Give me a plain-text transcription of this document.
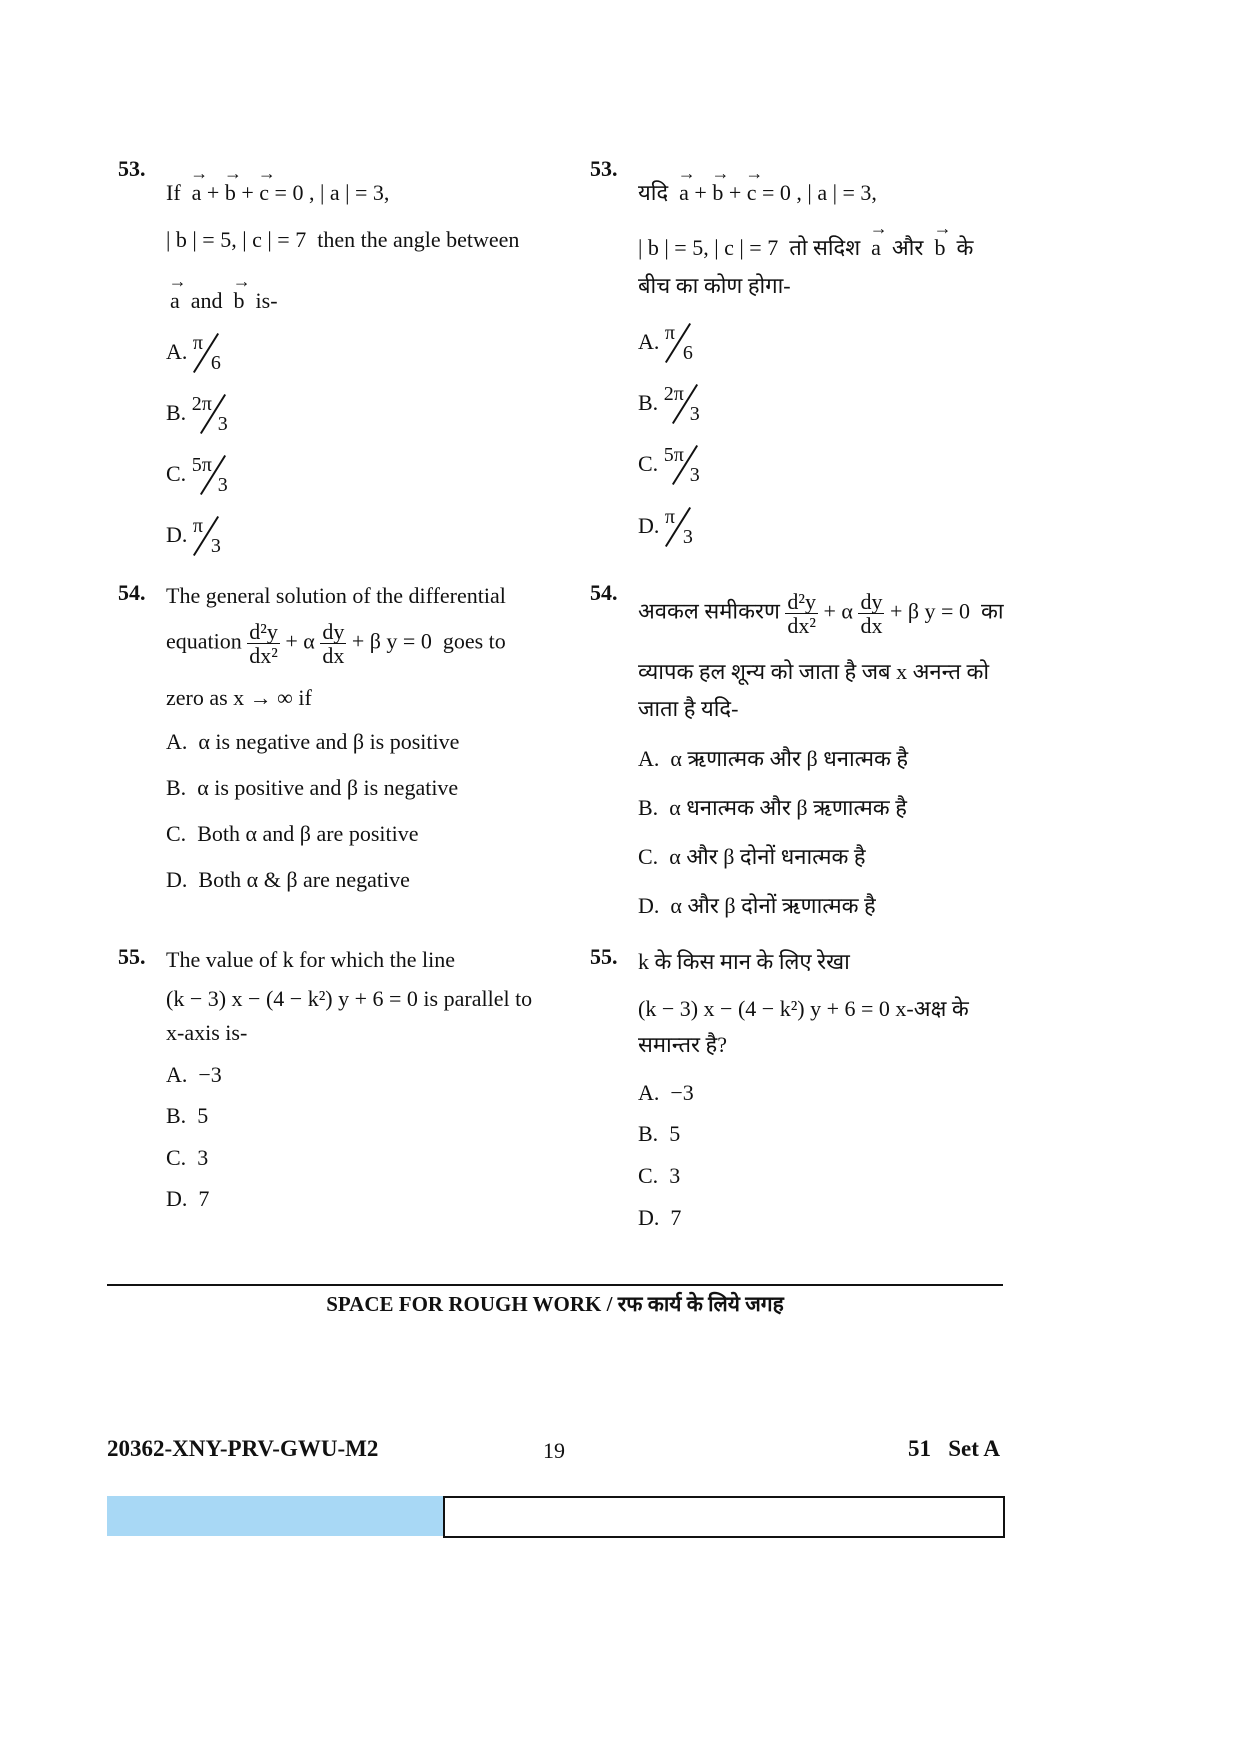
53.
If → a + → b + → c = 0 , | a | = 3,
| b | = 5, | c | = 7 then the angle between
→ a and → b is-
A. π
6
B. 2π
3
C. 5π
3
D. π
3
54. The general solution of the differential
equation $\frac{\text{d²y}}{\text{dx²}} + \alpha \frac{dy}{dx} + \beta$ y = 0 goes to
zero as x → ∞ if
A. α is negative and β is positive
B. α is positive and β is negative
C. Both α and β are positive
D. Both α & β are negative
55. The value of k for which the line
(k − 3) x − (4 − k²) y + 6 = 0 is parallel to
x-axis is-
A. −3
B. 5
C. 3
D. 7
53.
यदि → a + → b + → c = 0 , | a | = 3,
| b | = 5, | c | = 7 तो सदिश → a और → b के
बीच का कोण होगा-
A. π
6
B. 2π
3
C. 5π
3
D. π
3
54.
अवकल समीकरण $\frac{\text{d²y}}{\text{dx²}} + \alpha \frac{dy}{dx} + \beta$ y = 0 का
व्यापक हल शून्य को जाता है जब x अनन्त को
जाता है यदि-
A. α ऋणात्मक और β धनात्मक है
B. α धनात्मक और β ऋणात्मक है
C. α और β दोनों धनात्मक है
D. α और β दोनों ऋणात्मक है
55. k के किस मान के लिए रेखा
(k − 3) x − (4 − k²) y + 6 = 0 x-अक्ष के
समान्तर है?
A. −3
B. 5
C. 3
D. 7
SPACE FOR ROUGH WORK / रफ कार्य के लिये जगह
20362-XNY-PRV-GWU-M2	19	51   Set A
